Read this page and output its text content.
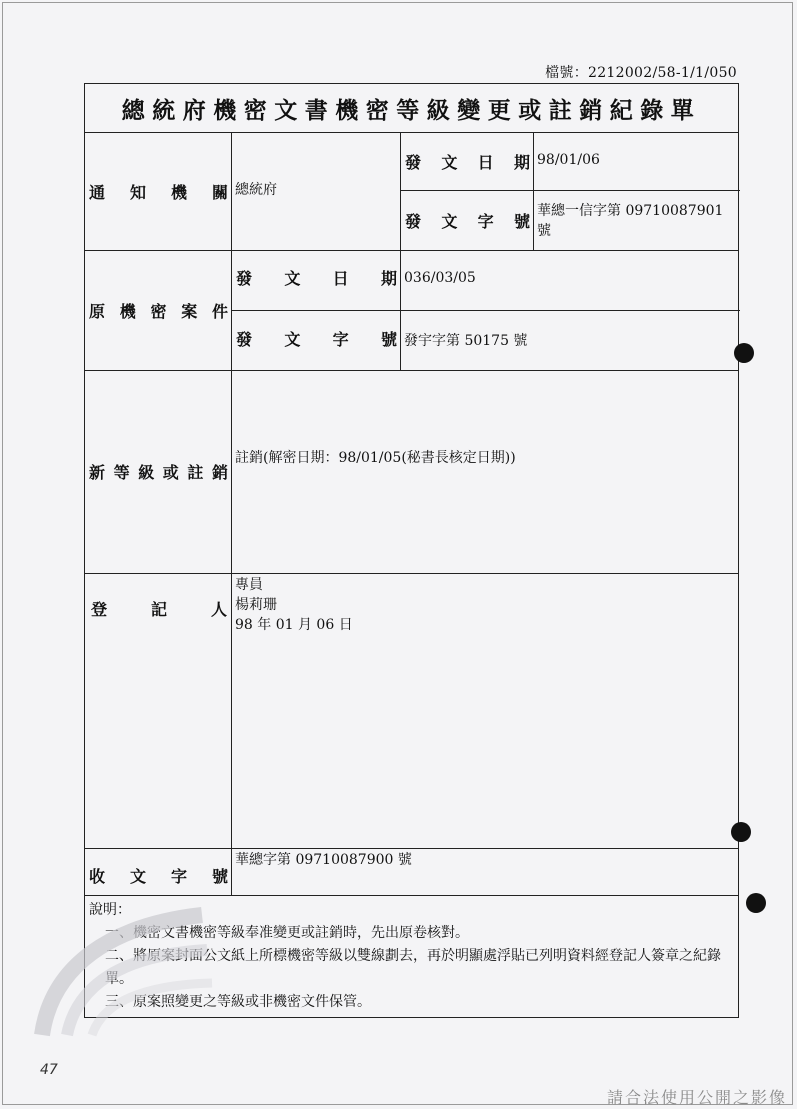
檔號：2212002/58-1/1/050
總統府機密文書機密等級變更或註銷紀錄單
通 知 機 關 總統府
發 文 日 期 98/01/06
發 文 字 號
華總一信字第 09710087901 號
原 機 密 案 件
發 文 日 期 036/03/05
發 文 字 號 發宇字第 50175 號
新 等 級 或 註 銷
註銷(解密日期：98/01/05(秘書長核定日期))
登	記	人
專員
楊莉珊
98 年 01 月 06 日
收 文 字 號
華總字第 09710087900 號
說明：
一、機密文書機密等級奉准變更或註銷時，先出原卷核對。
二、將原案封面公文紙上所標機密等級以雙線劃去，再於明顯處浮貼已列明資料經登記人簽章之紀錄單。
三、原案照變更之等級或非機密文件保管。
47
請合法使用公開之影像
